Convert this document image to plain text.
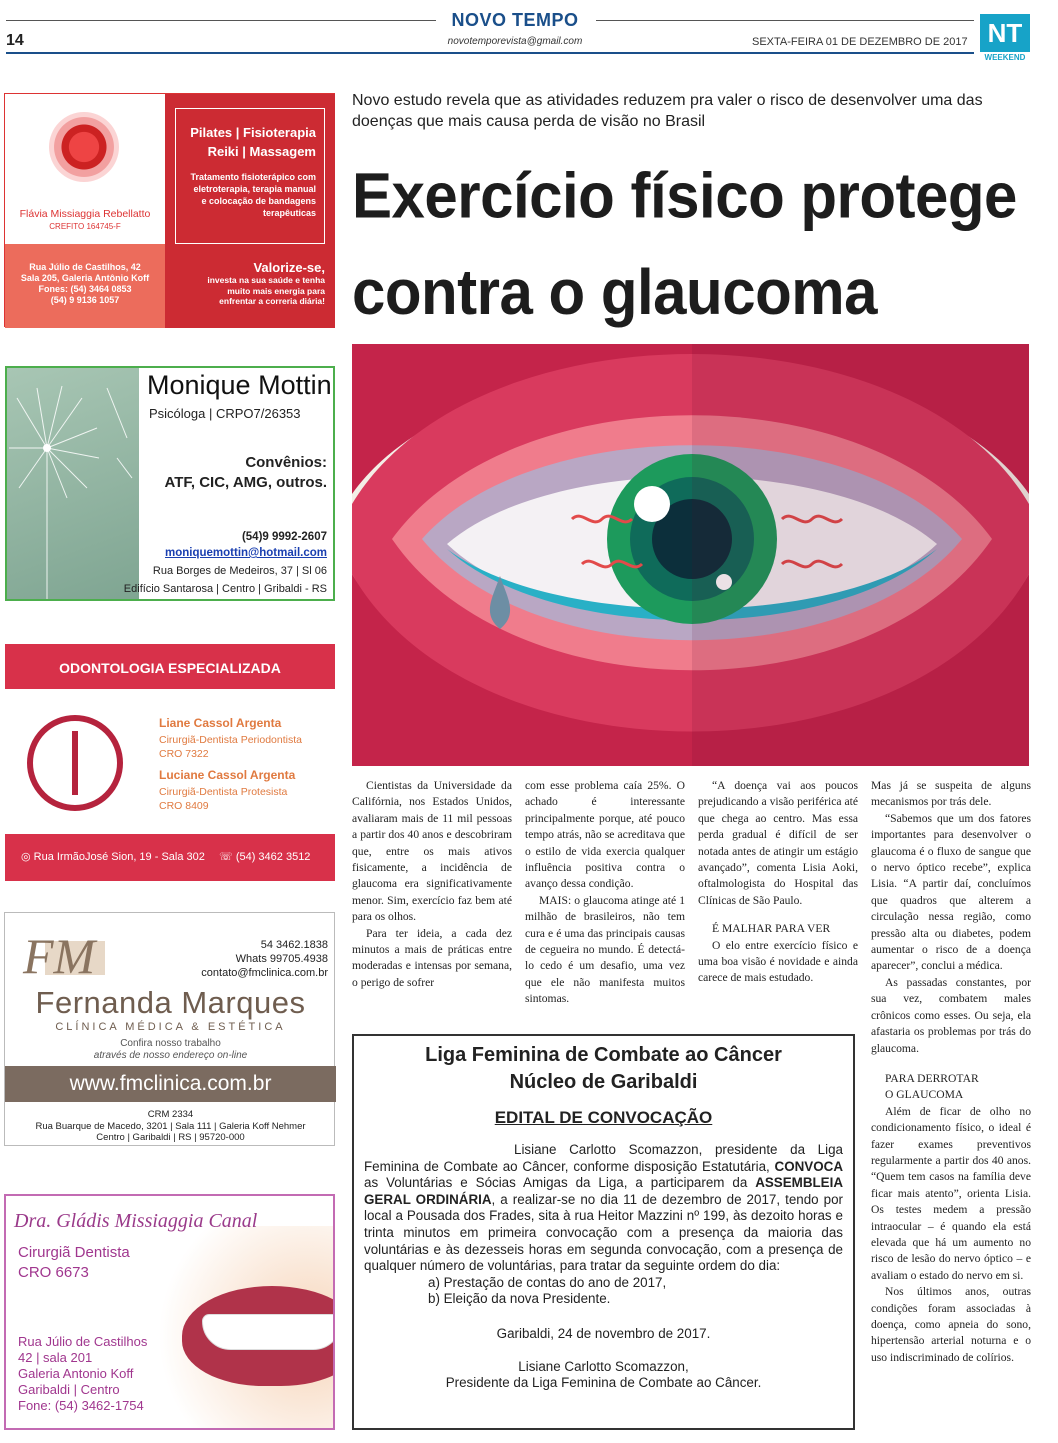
14
NOVO TEMPO
novotemporevista@gmail.com	SEXTA-FEIRA 01 DE DEZEMBRO DE 2017 NT
WEEKEND
Flávia Missiaggia Rebellatto
CREFITO 164745-F
Rua Júlio de Castilhos, 42
Sala 205, Galeria Antônio Koff
Fones: (54) 3464 0853
(54) 9 9136 1057
Pilates | Fisioterapia
Reiki | Massagem
Tratamento fisioterápico com
eletroterapia, terapia manual
e colocação de bandagens
terapêuticas
Valorize-se,
investa na sua saúde e tenha
muito mais energia para
enfrentar a correria diária!
Monique Mottin
Psicóloga | CRPO7/26353
Convênios:
ATF, CIC, AMG, outros.
(54)9 9992-2607
moniquemottin@hotmail.com
Rua Borges de Medeiros, 37 | Sl 06
Edifício Santarosa | Centro | Gribaldi - RS
ODONTOLOGIA ESPECIALIZADA
Liane Cassol Argenta
Cirurgiã-Dentista Periodontista
CRO 7322
Luciane Cassol Argenta
Cirurgiã-Dentista Protesista
CRO 8409
◎ Rua IrmãoJosé Sion, 19 - Sala 302 ☏ (54) 3462 3512
FM	54 3462.1838
Whats 99705.4938
contato@fmclinica.com.br
Fernanda Marques
CLÍNICA MÉDICA & ESTÉTICA
Confira nosso trabalho
através de nosso endereço on-line
www.fmclinica.com.br
CRM 2334
Rua Buarque de Macedo, 3201 | Sala 111 | Galeria Koff Nehmer
Centro | Garibaldi | RS | 95720-000
Dra. Gládis Missiaggia Canal
Cirurgiã Dentista
CRO 6673
Rua Júlio de Castilhos
42 | sala 201
Galeria Antonio Koff
Garibaldi | Centro
Fone: (54) 3462-1754
Novo estudo revela que as atividades reduzem pra valer o risco de desenvolver uma das doenças que mais causa perda de visão no Brasil
Exercício físico protege
contra o glaucoma

Cientistas da Universidade da Califórnia, nos Estados Unidos, avaliaram mais de 11 mil pessoas a partir dos 40 anos e descobriram que, entre os mais ativos fisicamente, a incidência de glaucoma era significativamente menor. Sim, exercício faz bem até para os olhos.

Para ter ideia, a cada dez minutos a mais de práticas entre moderadas e intensas por semana, o perigo de sofrer

com esse problema caía 25%. O achado é interessante principalmente porque, até pouco tempo atrás, não se acreditava que o estilo de vida exercia qualquer influência positiva contra o avanço dessa condição.

MAIS: o glaucoma atinge até 1 milhão de brasileiros, não tem cura e é uma das principais causas de cegueira no mundo. É detectá-lo cedo é um desafio, uma vez que ele não manifesta muitos sintomas.

“A doença vai aos poucos prejudicando a visão periférica até que chega ao centro. Mas essa perda gradual é difícil de ser notada antes de atingir um estágio avançado”, comenta Lisia Aoki, oftalmologista do Hospital das Clínicas de São Paulo.

É MALHAR PARA VER

O elo entre exercício físico e uma boa visão é novidade e ainda carece de mais estudado.

Mas já se suspeita de alguns mecanismos por trás dele.

“Sabemos que um dos fatores importantes para desenvolver o glaucoma é o fluxo de sangue que o nervo óptico recebe”, explica Lisia. “A partir daí, concluímos que quadros que alterem a circulação nessa região, como pressão alta ou diabetes, podem aumentar o risco de a doença aparecer”, conclui a médica.

As passadas constantes, por sua vez, combatem males crônicos como esses. Ou seja, ela afastaria os problemas por trás do glaucoma.

PARA DERROTAR

O GLAUCOMA

Além de ficar de olho no condicionamento físico, o ideal é fazer exames preventivos regularmente a partir dos 40 anos. “Quem tem casos na família deve ficar mais atento”, orienta Lisia. Os testes medem a pressão intraocular – é quando ela está elevada que há um aumento no risco de lesão do nervo óptico – e avaliam o estado do nervo em si.

Nos últimos anos, outras condições foram associadas à doença, como apneia do sono, hipertensão arterial noturna e o uso indiscriminado de colírios.

Liga Feminina de Combate ao Câncer
Núcleo de Garibaldi
EDITAL DE CONVOCAÇÃO
Lisiane Carlotto Scomazzon, presidente da Liga Feminina de Combate ao Câncer, conforme disposição Estatutária, CONVOCA as Voluntárias e Sócias Amigas da Liga, a participarem da ASSEMBLEIA GERAL ORDINÁRIA, a realizar-se no dia 11 de dezembro de 2017, tendo por local a Pousada dos Frades, sita à rua Heitor Mazzini nº 199, às dezoito horas e trinta minutos em primeira convocação com a presença da maioria das voluntárias e às dezesseis horas em segunda convocação, com a presença de qualquer número de voluntárias, para tratar da seguinte ordem do dia:
a) Prestação de contas do ano de 2017,
b) Eleição da nova Presidente.
Garibaldi, 24 de novembro de 2017.
Lisiane Carlotto Scomazzon,
Presidente da Liga Feminina de Combate ao Câncer.
